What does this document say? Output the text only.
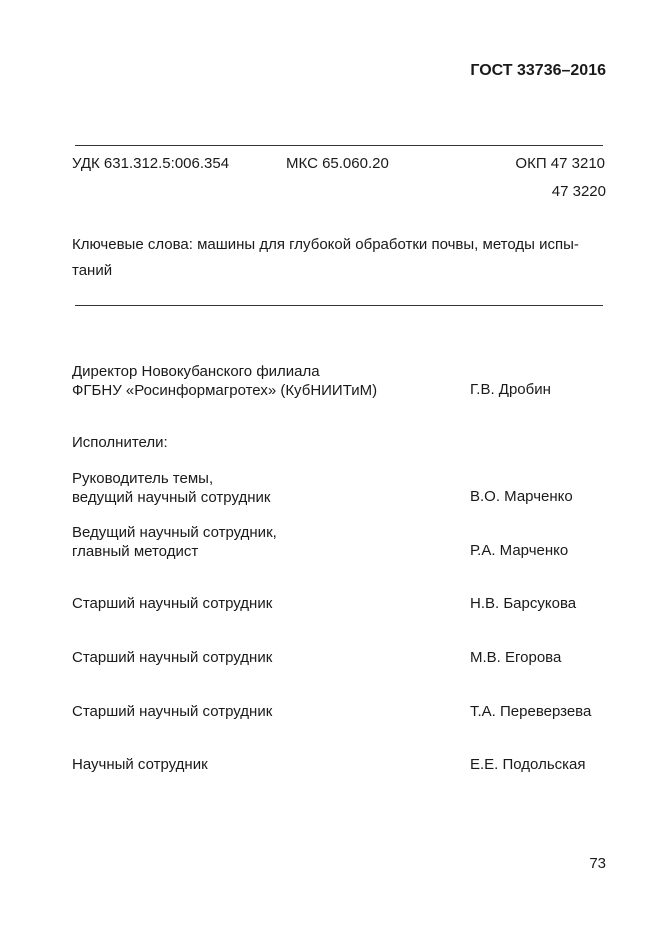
ГОСТ 33736–2016
УДК 631.312.5:006.354	МКС 65.060.20	ОКП 47 3210
47 3220
Ключевые слова: машины для глубокой обработки почвы, методы испы-
таний
Директор Новокубанского филиала
ФГБНУ «Росинформагротех» (КубНИИТиМ)	Г.В. Дробин
Исполнители:
Руководитель темы,
ведущий научный сотрудник	В.О. Марченко
Ведущий научный сотрудник,
главный методист	Р.А. Марченко
Старший научный сотрудник	Н.В. Барсукова
Старший научный сотрудник	М.В. Егорова
Старший научный сотрудник	Т.А. Переверзева
Научный сотрудник	Е.Е. Подольская
73
